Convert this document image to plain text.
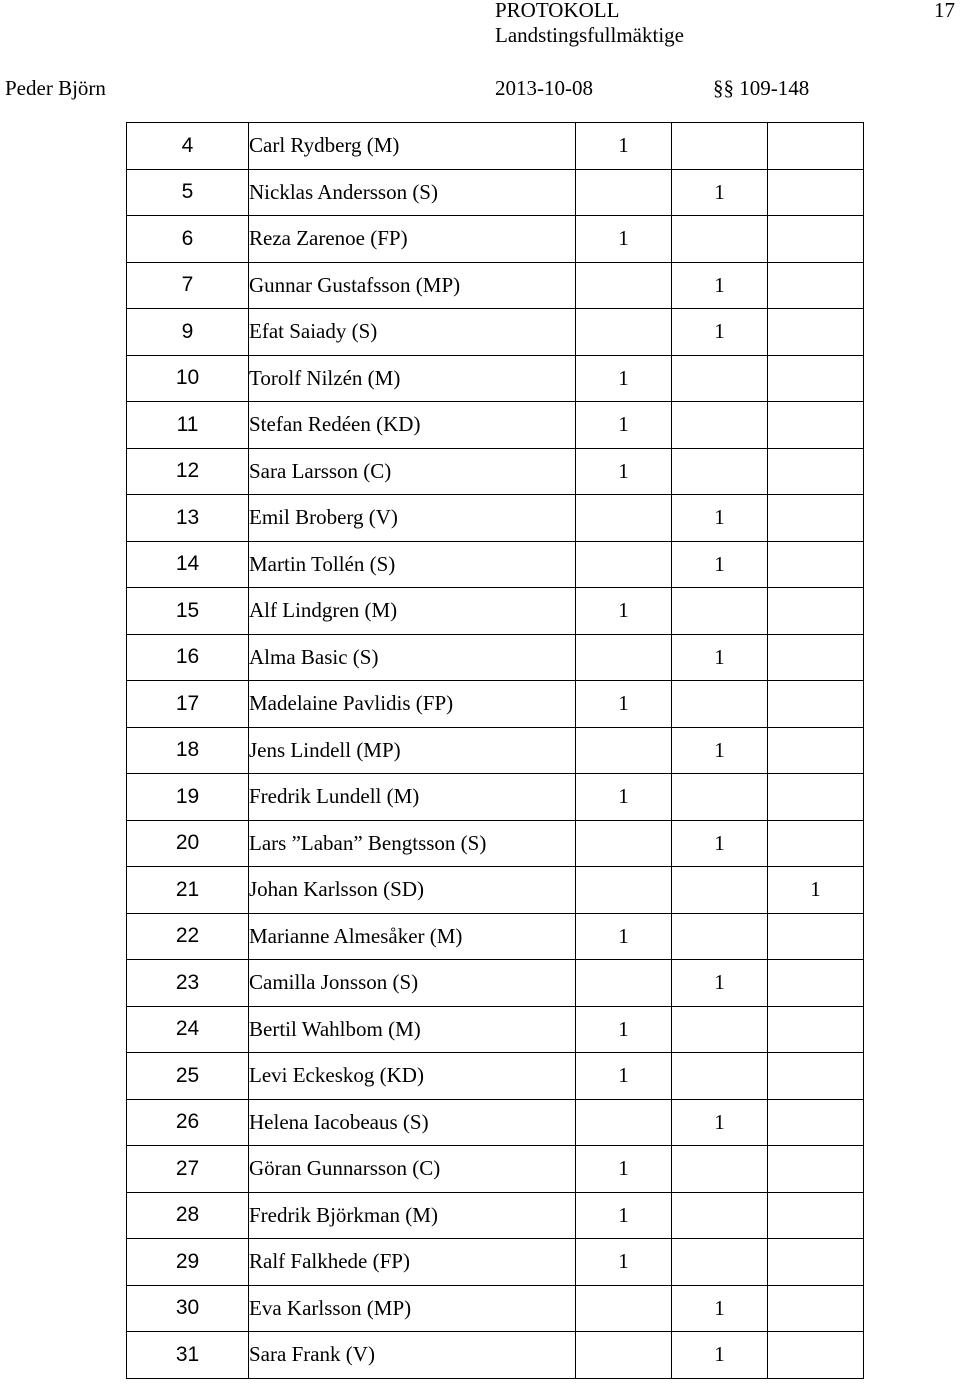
PROTOKOLL
Landstingsfullmäktige
17
Peder Björn	2013-10-08	§§ 109-148
4	Carl Rydberg (M)	1		
5	Nicklas Andersson (S)		1	
6	Reza Zarenoe (FP)	1		
7	Gunnar Gustafsson (MP)		1	
9	Efat Saiady (S)		1	
10	Torolf Nilzén (M)	1		
11	Stefan Redéen (KD)	1		
12	Sara Larsson (C)	1		
13	Emil Broberg (V)		1	
14	Martin Tollén (S)		1	
15	Alf Lindgren (M)	1		
16	Alma Basic (S)		1	
17	Madelaine Pavlidis (FP)	1		
18	Jens Lindell (MP)		1	
19	Fredrik Lundell (M)	1		
20	Lars ”Laban” Bengtsson (S)		1	
21	Johan Karlsson (SD)			1
22	Marianne Almesåker (M)	1		
23	Camilla Jonsson (S)		1	
24	Bertil Wahlbom (M)	1		
25	Levi Eckeskog (KD)	1		
26	Helena Iacobeaus (S)		1	
27	Göran Gunnarsson (C)	1		
28	Fredrik Björkman (M)	1		
29	Ralf Falkhede (FP)	1		
30	Eva Karlsson (MP)		1	
31	Sara Frank (V)		1	
